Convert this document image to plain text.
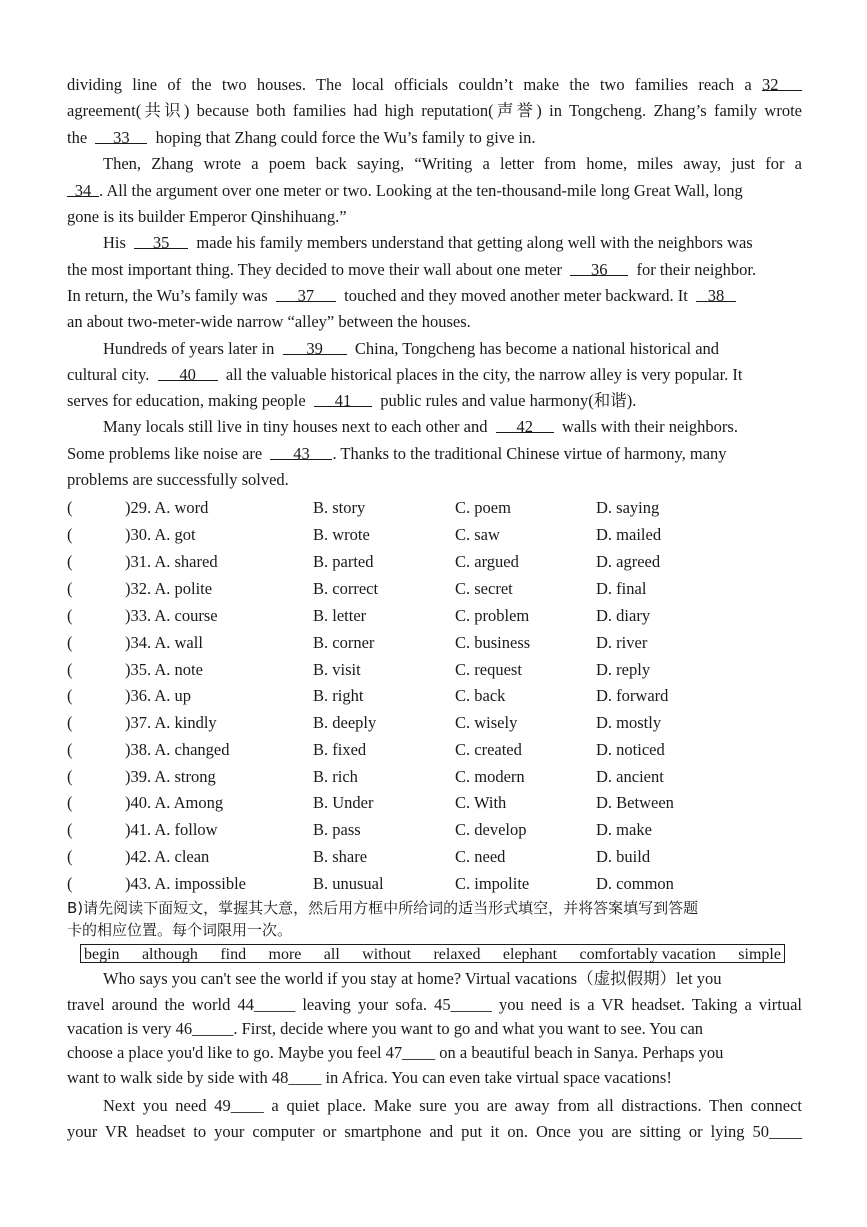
dividing line of the two houses. The local officials couldn’t make the two families reach a 32
agreement(共识) because both families had high reputation(声誉) in Tongcheng. Zhang’s family wrote
the 33 hoping that Zhang could force the Wu’s family to give in.
Then, Zhang wrote a poem back saying, “Writing a letter from home, miles away, just for a
34 . All the argument over one meter or two. Looking at the ten-thousand-mile long Great Wall, long
gone is its builder Emperor Qinshihuang.”
His 35 made his family members understand that getting along well with the neighbors was
the most important thing. They decided to move their wall about one meter 36 for their neighbor.
In return, the Wu’s family was 37 touched and they moved another meter backward. It 38
an about two-meter-wide narrow “alley” between the houses.
Hundreds of years later in 39 China, Tongcheng has become a national historical and
cultural city. 40 all the valuable historical places in the city, the narrow alley is very popular. It
serves for education, making people 41 public rules and value harmony(和谐).
Many locals still live in tiny houses next to each other and 42 walls with their neighbors.
Some problems like noise are 43 . Thanks to the traditional Chinese virtue of harmony, many
problems are successfully solved.
(	)29. A. word	B. story	C. poem	D. saying
(	)30. A. got	B. wrote	C. saw	D. mailed
(	)31. A. shared	B. parted	C. argued	D. agreed
(	)32. A. polite	B. correct	C. secret	D. final
(	)33. A. course	B. letter	C. problem	D. diary
(	)34. A. wall	B. corner	C. business	D. river
(	)35. A. note	B. visit	C. request	D. reply
(	)36. A. up	B. right	C. back	D. forward
(	)37. A. kindly	B. deeply	C. wisely	D. mostly
(	)38. A. changed	B. fixed	C. created	D. noticed
(	)39. A. strong	B. rich	C. modern	D. ancient
(	)40. A. Among	B. Under	C. With	D. Between
(	)41. A. follow	B. pass	C. develop	D. make
(	)42. A. clean	B. share	C. need	D. build
(	)43. A. impossible	B. unusual	C. impolite	D. common
B)请先阅读下面短文，掌握其大意，然后用方框中所给词的适当形式填空，并将答案填写到答题
卡的相应位置。每个词限用一次。
begin although find more all without relaxed elephant comfortably vacation simple
Who says you can't see the world if you stay at home? Virtual vacations（虚拟假期）let you
travel around the world 44_____ leaving your sofa. 45_____ you need is a VR headset. Taking a virtual
vacation is very 46_____. First, decide where you want to go and what you want to see. You can
choose a place you'd like to go. Maybe you feel 47____ on a beautiful beach in Sanya. Perhaps you
want to walk side by side with 48____ in Africa. You can even take virtual space vacations!
Next you need 49____ a quiet place. Make sure you are away from all distractions. Then connect
your VR headset to your computer or smartphone and put it on. Once you are sitting or lying 50____
